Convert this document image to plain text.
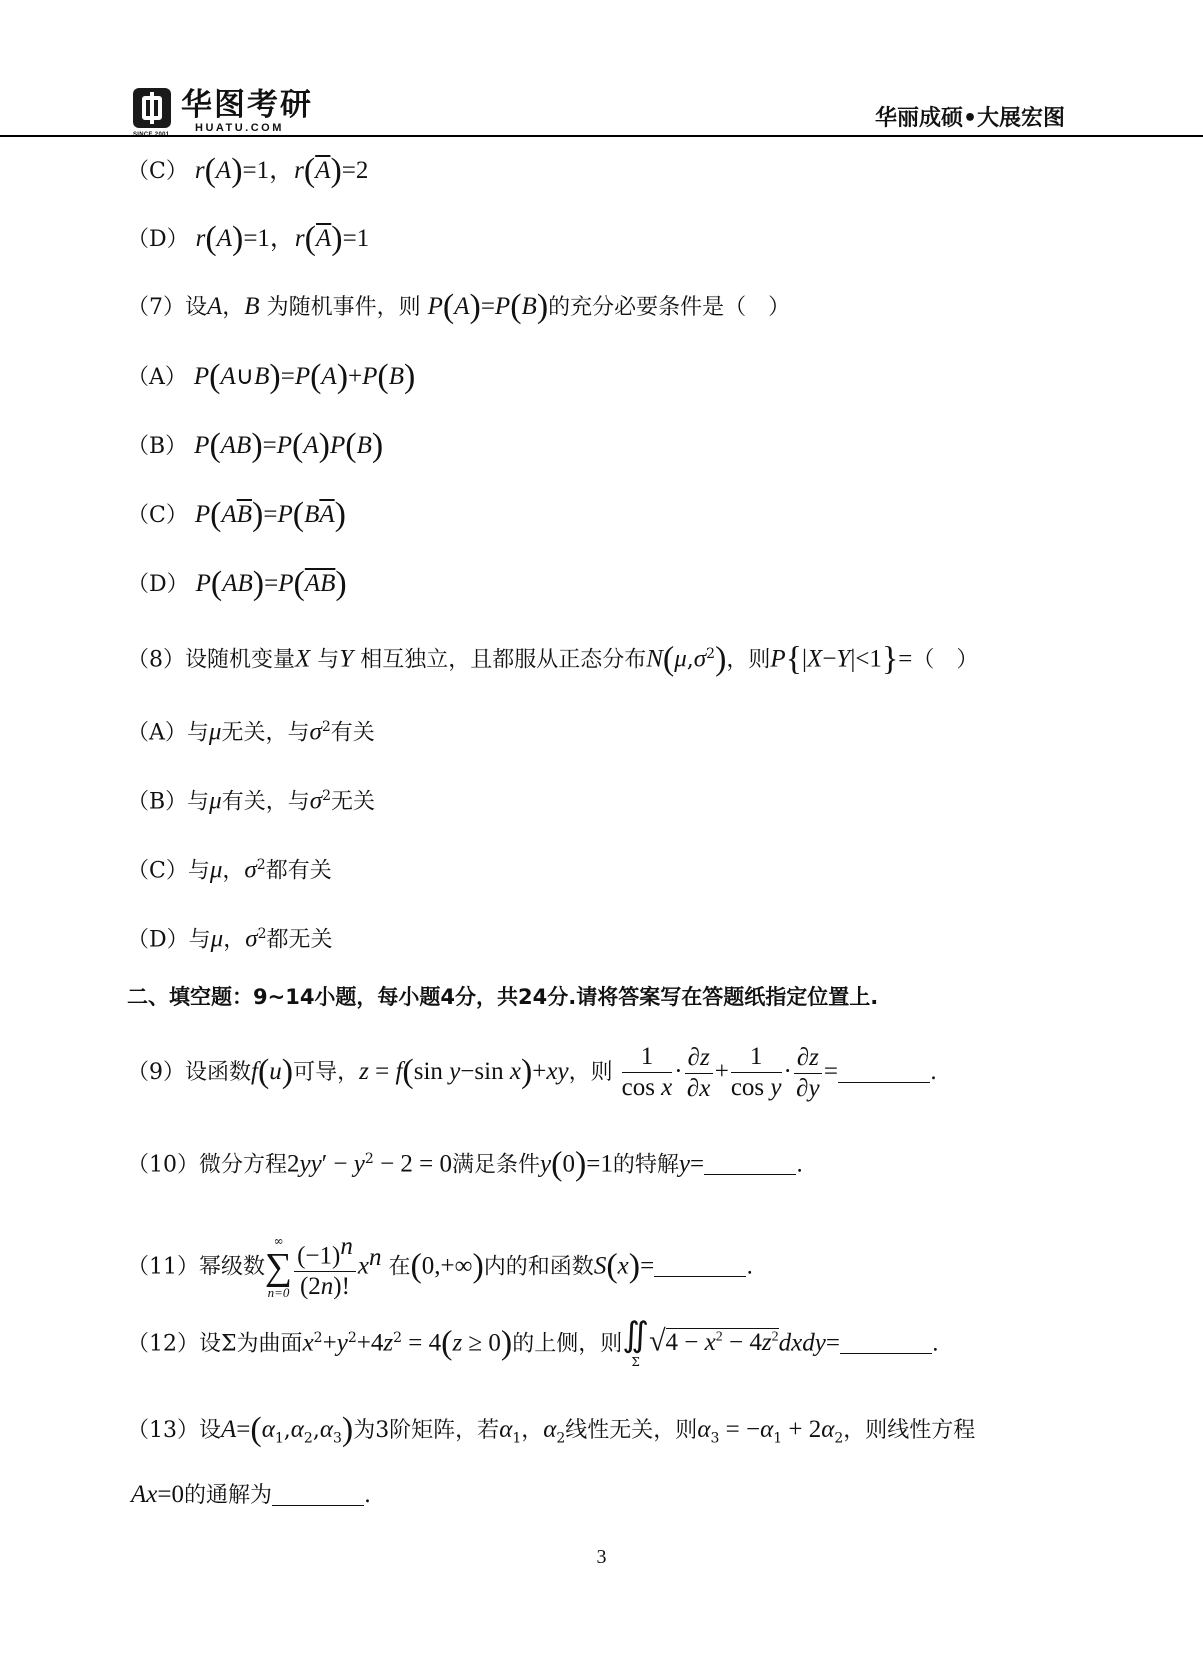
华图考研
HUATU.COM	华丽成硕•大展宏图
（C） r(A)=1，$r(\overline{A})=2$
（D） r(A)=1，$r(\overline{A})=1$
（7）设A，B 为随机事件，则 P(A)=P(B)的充分必要条件是（　）
（A） P(A∪B)=P(A)+P(B)
（B） P(AB)=P(A)P(B)
（C） $P(A\overline{B})=P(B\overline{A})$
（D） $P(AB)=P(\overline{AB})$
（8）设随机变量X 与Y 相互独立，且都服从正态分布$N(\mu,\sigma^2)$，则P{|X−Y|<1}=（　）
（A）与μ无关，与$\sigma^2$有关
（B）与μ有关，与$\sigma^2$无关
（C）与μ，$\sigma^2$都有关
（D）与μ，$\sigma^2$都无关
二、填空题：9~14小题，每小题4分，共24分.请将答案写在答题纸指定位置上.
（9）设函数f(u)可导，z = f(sin y−sin x)+xy，则 $\frac{1}{\text{cos x}} \cdot \frac{\partial z}{\partial x} + \frac{1}{\text{cos y}} \cdot \frac{\partial z}{\partial y}$ =	.
（10）微分方程$2yy' - y^2 - 2 = 0$满足条件y(0)=1的特解y=	.
（11）幂级数
∞
∑
$n=0 \frac{(-1)^n}{(2n)!} x^n$ 在(0,+∞)内的和函数S(x)=	.
（12）设Σ为曲面$x^2+y^2+4z^2 = 4(z \ge 0)$的上侧，则 ∬
Σ
$√4 - x^2$ − $4z^2dxdy=$	.
（13）设$A=(\alpha_1,\alpha_2,\alpha_3)$为3阶矩阵，若$\alpha_1$，$\alpha_2$线性无关，则$\alpha_3 = -\alpha_1 + 2\alpha_2$，则线性方程
Ax=0的通解为	.
3
